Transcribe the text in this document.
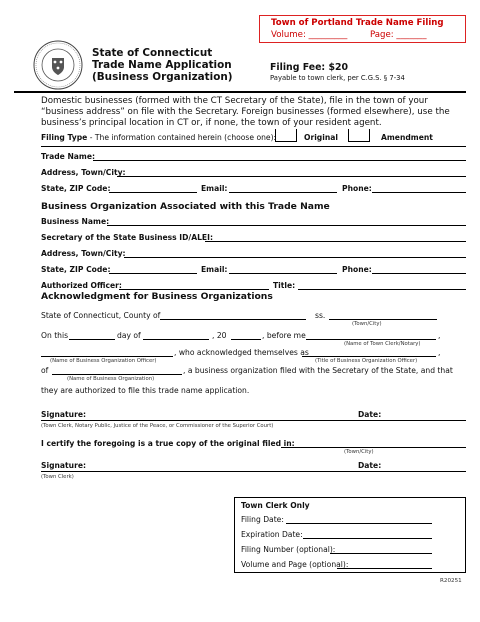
Town of Portland Trade Name Filing
Volume: _________	Page: _______
State of Connecticut
Trade Name Application
(Business Organization)
Filing Fee: $20
Payable to town clerk, per C.G.S. § 7-34
Domestic businesses (formed with the CT Secretary of the State), file in the town of your “business address” on file with the Secretary. Foreign businesses (formed elsewhere), use the business’s principal location in CT or, if none, the town of your resident agent.
Filing Type - The information contained herein (choose one):	Original	Amendment
Trade Name:
Address, Town/City:
State, ZIP Code:	Email:	Phone:
Business Organization Associated with this Trade Name
Business Name:
Secretary of the State Business ID/ALEI:
Address, Town/City:
State, ZIP Code:	Email:	Phone:
Authorized Officer:	Title:
Acknowledgment for Business Organizations
State of Connecticut, County of	ss.
(Town/City)
On this	day of	, 20	, before me	,
(Name of Town Clerk/Notary)
, who acknowledged themselves as	,
(Name of Business Organization Officer)	(Title of Business Organization Officer)
of	, a business organization filed with the Secretary of the State, and that
(Name of Business Organization)
they are authorized to file this trade name application.
Signature:	Date:
(Town Clerk, Notary Public, Justice of the Peace, or Commissioner of the Superior Court)
I certify the foregoing is a true copy of the original filed in:
(Town/City)
Signature:	Date:
(Town Clerk)
Town Clerk Only
Filing Date:
Expiration Date:
Filing Number (optional):
Volume and Page (optional):
R20251
